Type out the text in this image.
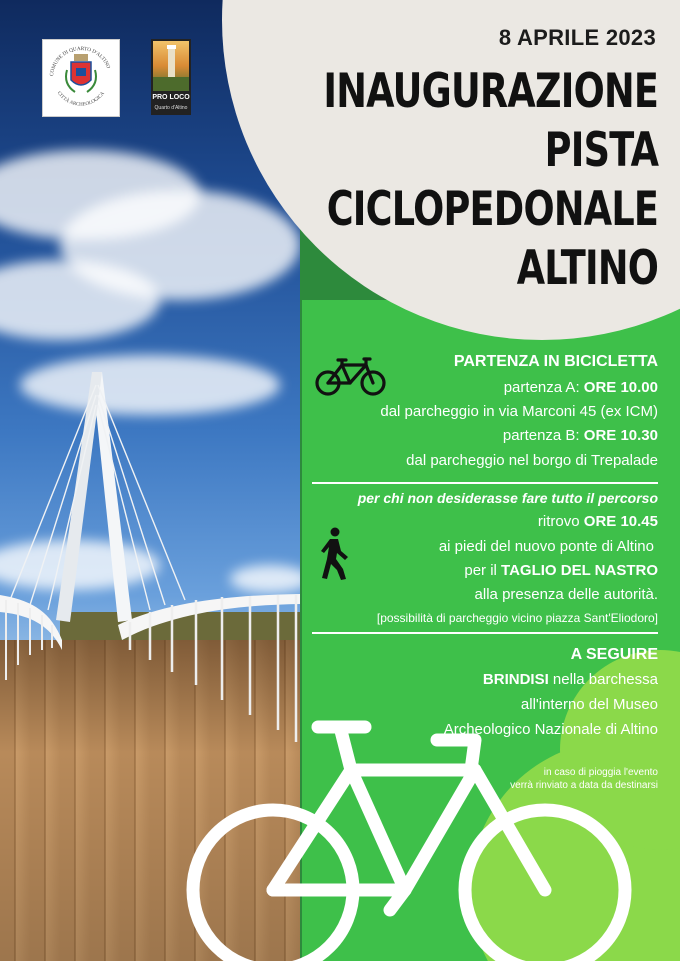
COMUNE DI QUARTO D'ALTINO
CITTÀ ARCHEOLOGICA	PRO LOCO
Quarto d'Altino
8 APRILE 2023
INAUGURAZIONE
PISTA
CICLOPEDONALE
ALTINO
PARTENZA IN BICICLETTA
partenza A: ORE 10.00
dal parcheggio in via Marconi 45 (ex ICM)
partenza B: ORE 10.30
dal parcheggio nel borgo di Trepalade
per chi non desiderasse fare tutto il percorso
ritrovo ORE 10.45
ai piedi del nuovo ponte di Altino
per il TAGLIO DEL NASTRO
alla presenza delle autorità.
[possibilità di parcheggio vicino piazza Sant'Eliodoro]
A SEGUIRE
BRINDISI nella barchessa
all'interno del Museo
Archeologico Nazionale di Altino
in caso di pioggia l'evento
verrà rinviato a data da destinarsi
